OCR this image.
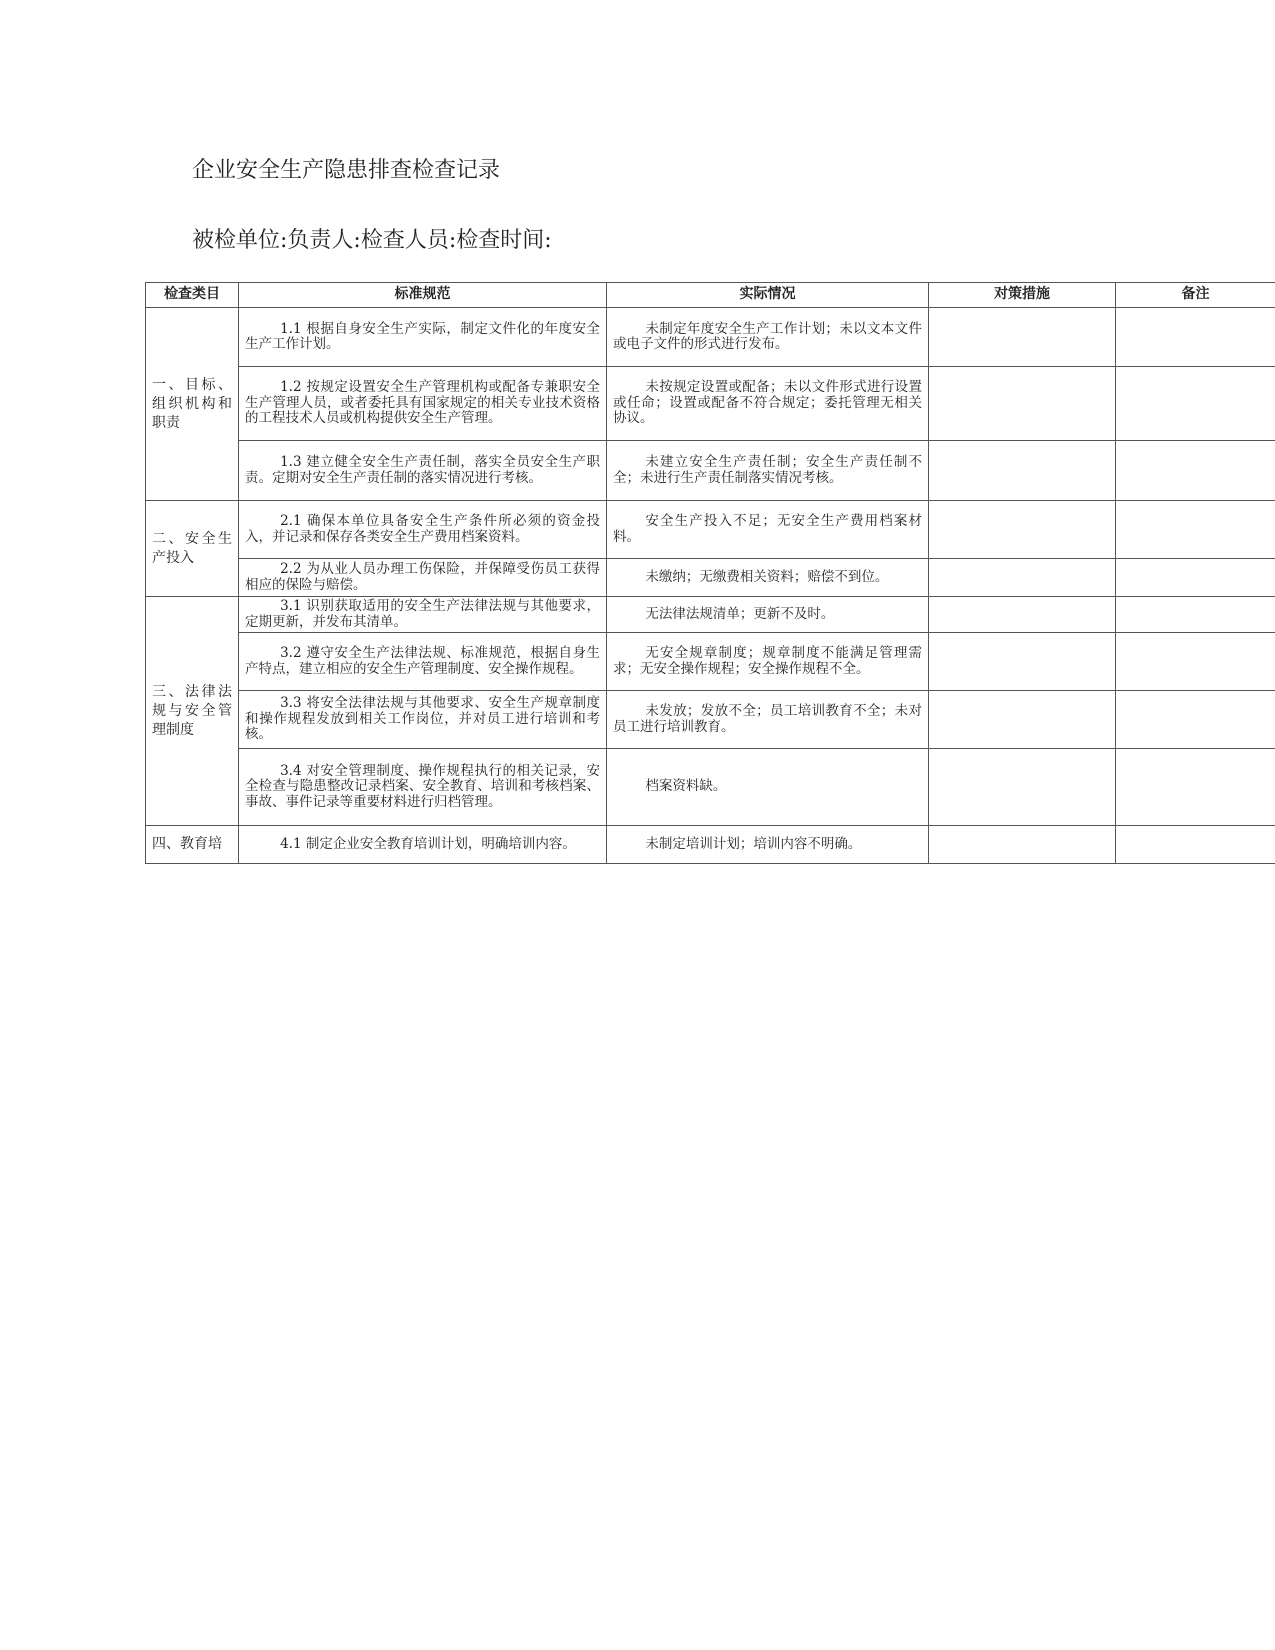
企业安全生产隐患排查检查记录
被检单位:负责人:检查人员:检查时间:
检查类目	标准规范	实际情况	对策措施	备注
一、目标、组织机构和职责	1.1 根据自身安全生产实际，制定文件化的年度安全生产工作计划。	未制定年度安全生产工作计划；未以文本文件或电子文件的形式进行发布。		
	1.2 按规定设置安全生产管理机构或配备专兼职安全生产管理人员，或者委托具有国家规定的相关专业技术资格的工程技术人员或机构提供安全生产管理。	未按规定设置或配备；未以文件形式进行设置或任命；设置或配备不符合规定；委托管理无相关协议。		
	1.3 建立健全安全生产责任制，落实全员安全生产职责。定期对安全生产责任制的落实情况进行考核。	未建立安全生产责任制；安全生产责任制不全；未进行生产责任制落实情况考核。		
二、安全生产投入	2.1 确保本单位具备安全生产条件所必须的资金投入，并记录和保存各类安全生产费用档案资料。	安全生产投入不足；无安全生产费用档案材料。		
	2.2 为从业人员办理工伤保险，并保障受伤员工获得相应的保险与赔偿。	未缴纳；无缴费相关资料；赔偿不到位。		
三、法律法规与安全管理制度	3.1 识别获取适用的安全生产法律法规与其他要求，定期更新，并发布其清单。	无法律法规清单；更新不及时。		
	3.2 遵守安全生产法律法规、标准规范，根据自身生产特点，建立相应的安全生产管理制度、安全操作规程。	无安全规章制度；规章制度不能满足管理需求；无安全操作规程；安全操作规程不全。		
	3.3 将安全法律法规与其他要求、安全生产规章制度和操作规程发放到相关工作岗位，并对员工进行培训和考核。	未发放；发放不全；员工培训教育不全；未对员工进行培训教育。		
	3.4 对安全管理制度、操作规程执行的相关记录，安全检查与隐患整改记录档案、安全教育、培训和考核档案、事故、事件记录等重要材料进行归档管理。	档案资料缺。		
四、教育培	4.1 制定企业安全教育培训计划，明确培训内容。	未制定培训计划；培训内容不明确。		
